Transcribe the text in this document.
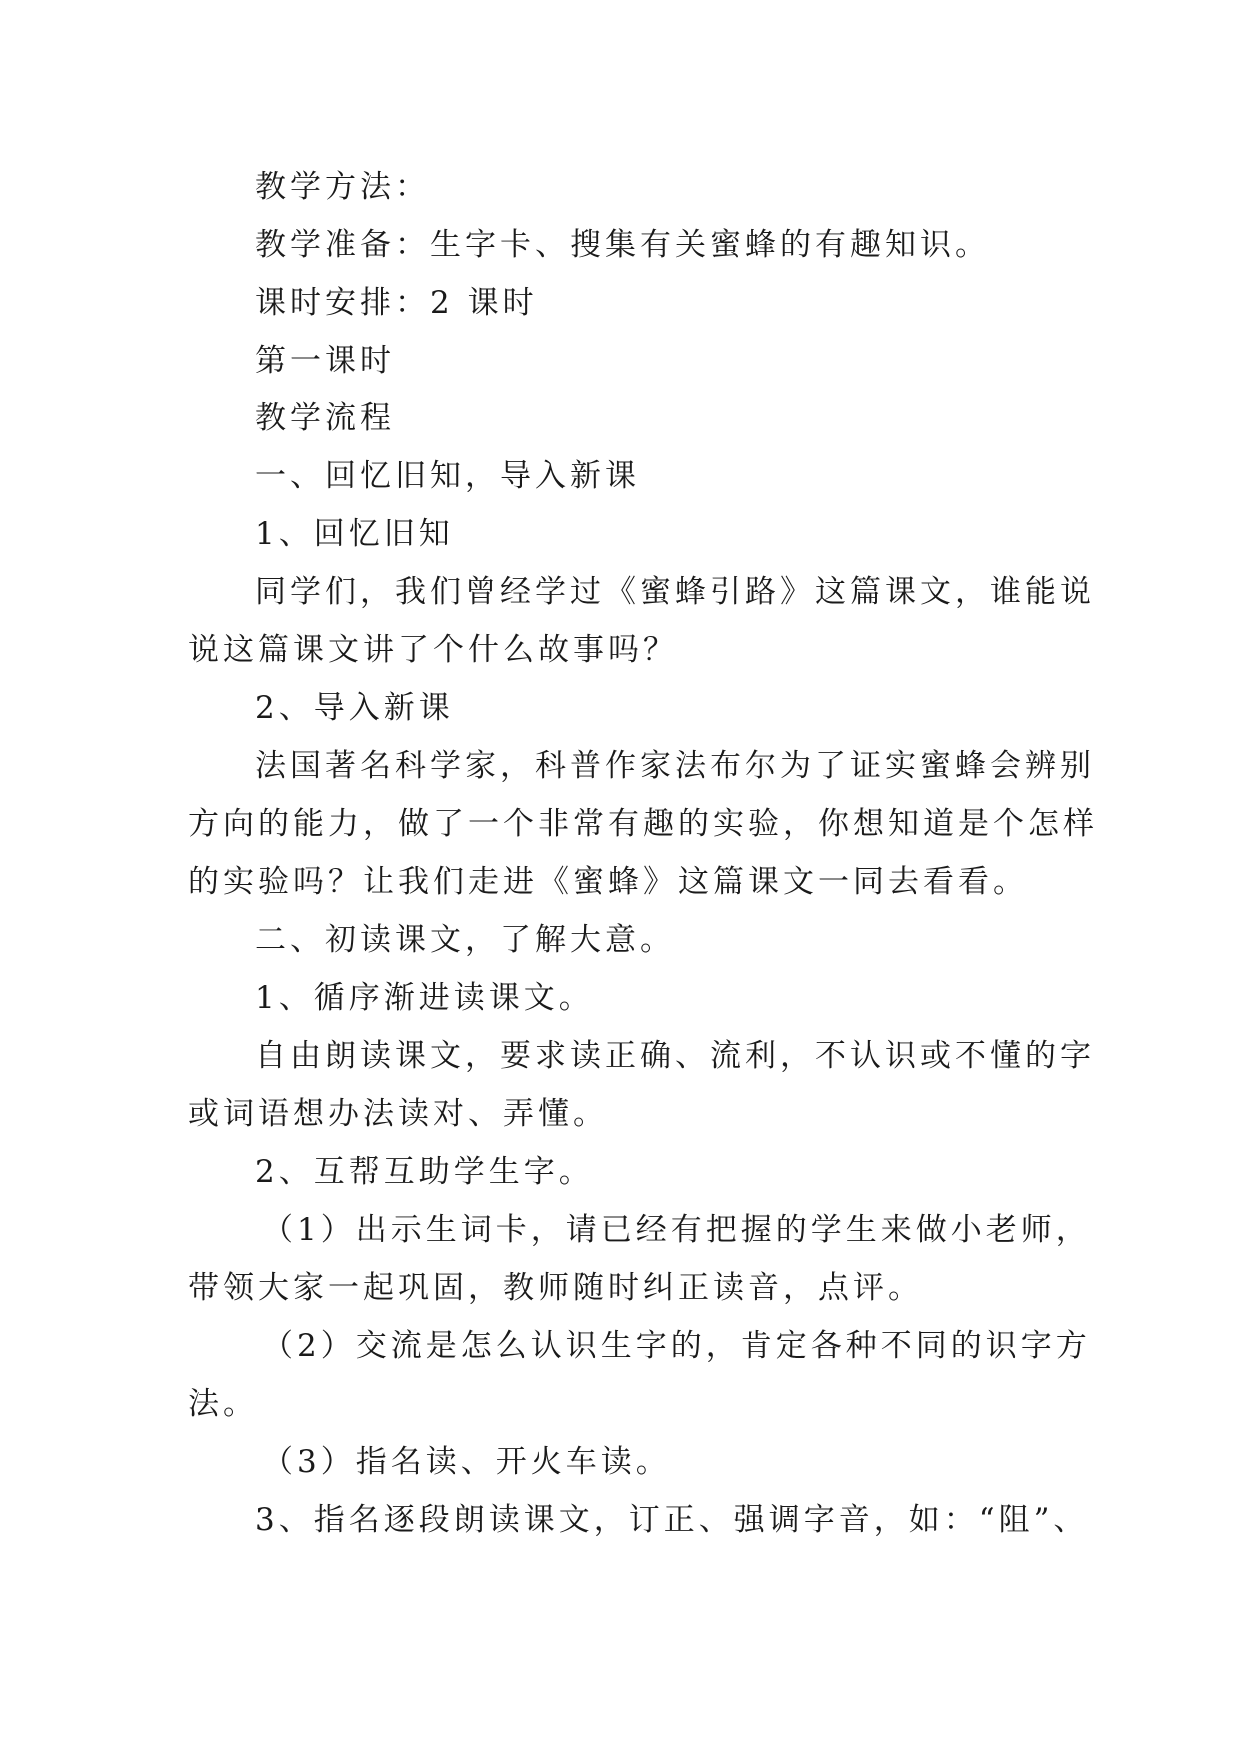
教学方法：
教学准备：生字卡、搜集有关蜜蜂的有趣知识。
课时安排：2 课时
第一课时
教学流程
一、回忆旧知，导入新课
1、回忆旧知
同学们，我们曾经学过《蜜蜂引路》这篇课文，谁能说
说这篇课文讲了个什么故事吗？
2、导入新课
法国著名科学家，科普作家法布尔为了证实蜜蜂会辨别
方向的能力，做了一个非常有趣的实验，你想知道是个怎样
的实验吗？让我们走进《蜜蜂》这篇课文一同去看看。
二、初读课文，了解大意。
1、循序渐进读课文。
自由朗读课文，要求读正确、流利，不认识或不懂的字
或词语想办法读对、弄懂。
2、互帮互助学生字。
（1）出示生词卡，请已经有把握的学生来做小老师，
带领大家一起巩固，教师随时纠正读音，点评。
（2）交流是怎么认识生字的，肯定各种不同的识字方
法。
（3）指名读、开火车读。
3、指名逐段朗读课文，订正、强调字音，如：“阻”、
